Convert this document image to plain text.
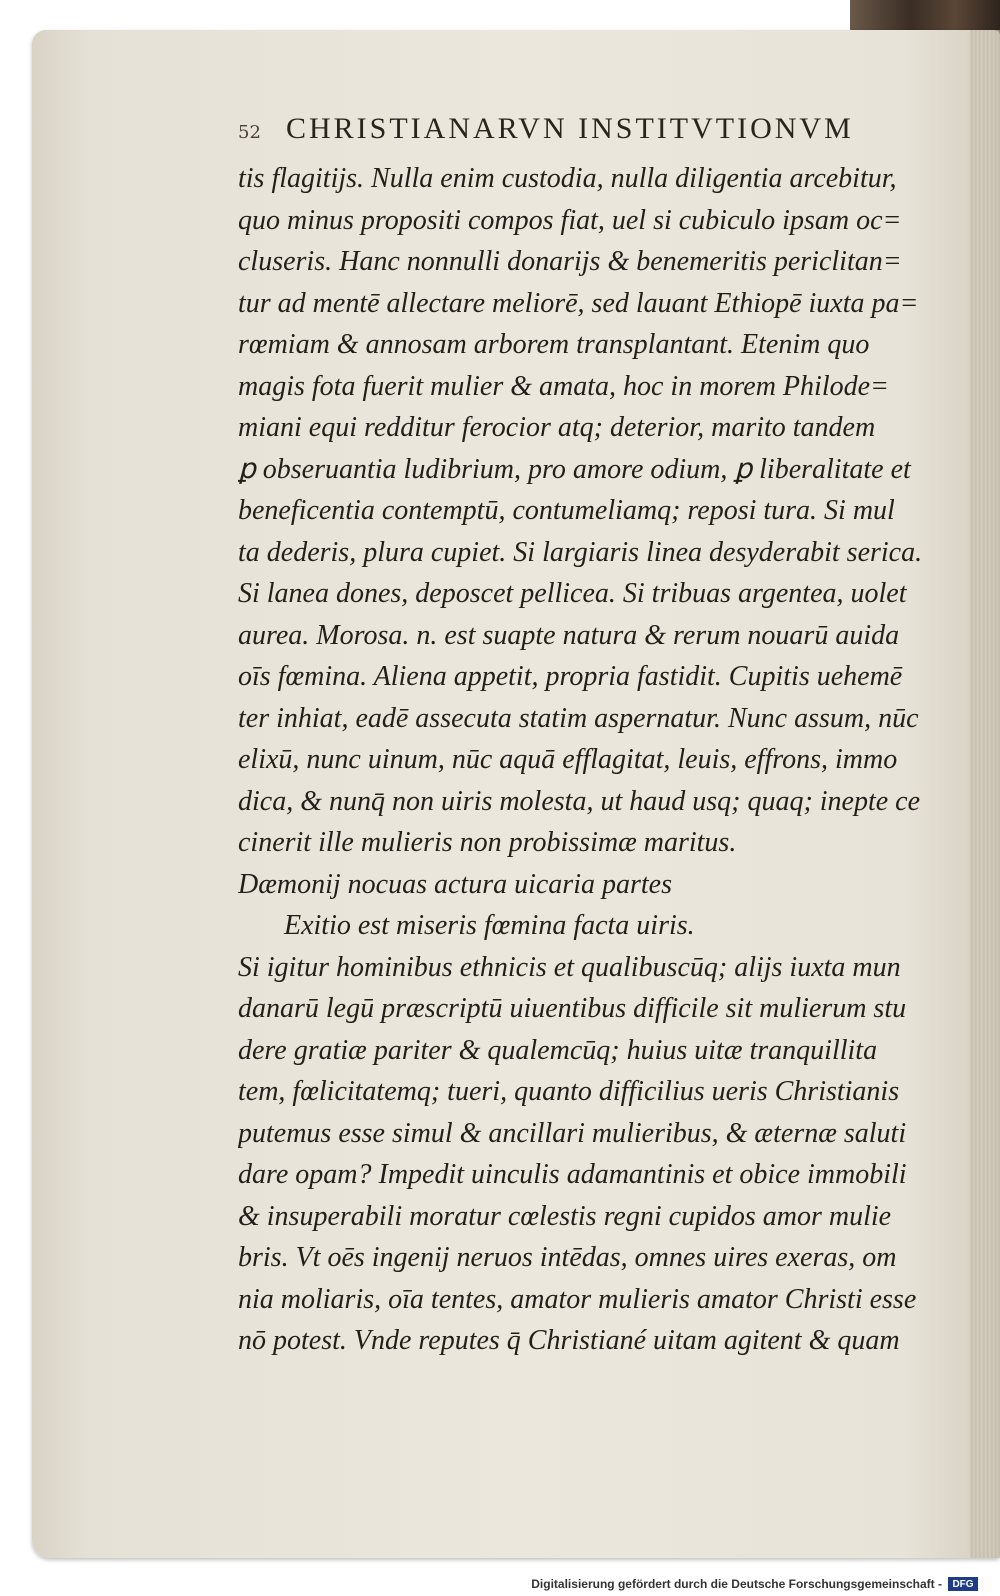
52 CHRISTIANARVN INSTITVTIONVM
tis flagitijs. Nulla enim custodia, nulla diligentia arcebitur,
quo minus propositi compos fiat, uel si cubiculo ipsam oc=
cluseris. Hanc nonnulli donarijs & benemeritis periclitan=
tur ad mentē allectare meliorē, sed lauant Ethiopē iuxta pa=
rœmiam & annosam arborem transplantant. Etenim quo
magis fota fuerit mulier & amata, hoc in morem Philode=
miani equi redditur ferocior atq; deterior, marito tandem
ꝑ obseruantia ludibrium, pro amore odium, ꝑ liberalitate et
beneficentia contemptū, contumeliamq; reposi tura. Si mul
ta dederis, plura cupiet. Si largiaris linea desyderabit serica.
Si lanea dones, deposcet pellicea. Si tribuas argentea, uolet
aurea. Morosa. n. est suapte natura & rerum nouarū auida
oīs fœmina. Aliena appetit, propria fastidit. Cupitis uehemē
ter inhiat, eadē assecuta statim aspernatur. Nunc assum, nūc
elixū, nunc uinum, nūc aquā efflagitat, leuis, effrons, immo
dica, & nunq̄ non uiris molesta, ut haud usq; quaq; inepte ce
cinerit ille mulieris non probissimæ maritus.
Dæmonij nocuas actura uicaria partes
Exitio est miseris fœmina facta uiris.
Si igitur hominibus ethnicis et qualibuscūq; alijs iuxta mun
danarū legū præscriptū uiuentibus difficile sit mulierum stu
dere gratiæ pariter & qualemcūq; huius uitæ tranquillita
tem, fœlicitatemq; tueri, quanto difficilius ueris Christianis
putemus esse simul & ancillari mulieribus, & æternæ saluti
dare opam? Impedit uinculis adamantinis et obice immobili
& insuperabili moratur cœlestis regni cupidos amor mulie
bris. Vt oēs ingenij neruos intēdas, omnes uires exeras, om
nia moliaris, oīa tentes, amator mulieris amator Christi esse
nō potest. Vnde reputes q̄ Christiané uitam agitent & quam
Digitalisierung gefördert durch die Deutsche Forschungsgemeinschaft -	DFG
